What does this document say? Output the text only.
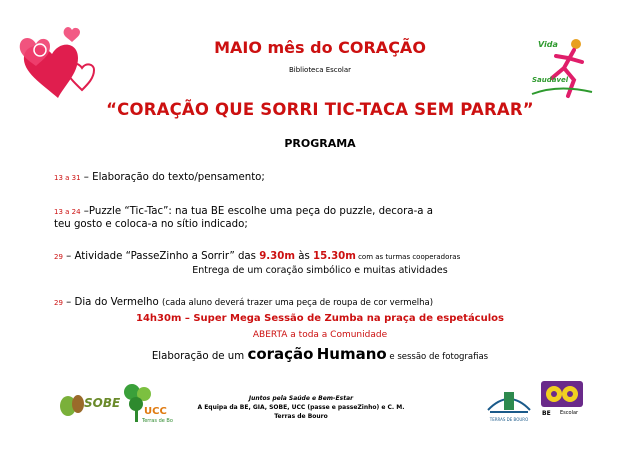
Vida
Saudável
MAIO mês do CORAÇÃO
Biblioteca Escolar
“CORAÇÃO QUE SORRI TIC-TACA SEM PARAR”
PROGRAMA
13 a 31 – Elaboração do texto/pensamento;
13 a 24 –Puzzle “Tic-Tac”: na tua BE escolhe uma peça do puzzle, decora-a a
teu gosto e coloca-a no sítio indicado;
29 – Atividade “PasseZinho a Sorrir” das 9.30m às 15.30m com as turmas cooperadoras
Entrega de um coração simbólico e muitas atividades
29 – Dia do Vermelho (cada aluno deverá trazer uma peça de roupa de cor vermelha)
14h30m – Super Mega Sessão de Zumba na praça de espetáculos
ABERTA a toda a Comunidade
Elaboração de um coração Humano e sessão de fotografias
Juntos pela Saúde e Bem-Estar
A Equipa da BE, GIA, SOBE, UCC (passe e passeZinho) e C. M. Terras de Bouro
SOBE
UCC
Terras de Bo	TERRAS DE BOURO
BE Escolar
